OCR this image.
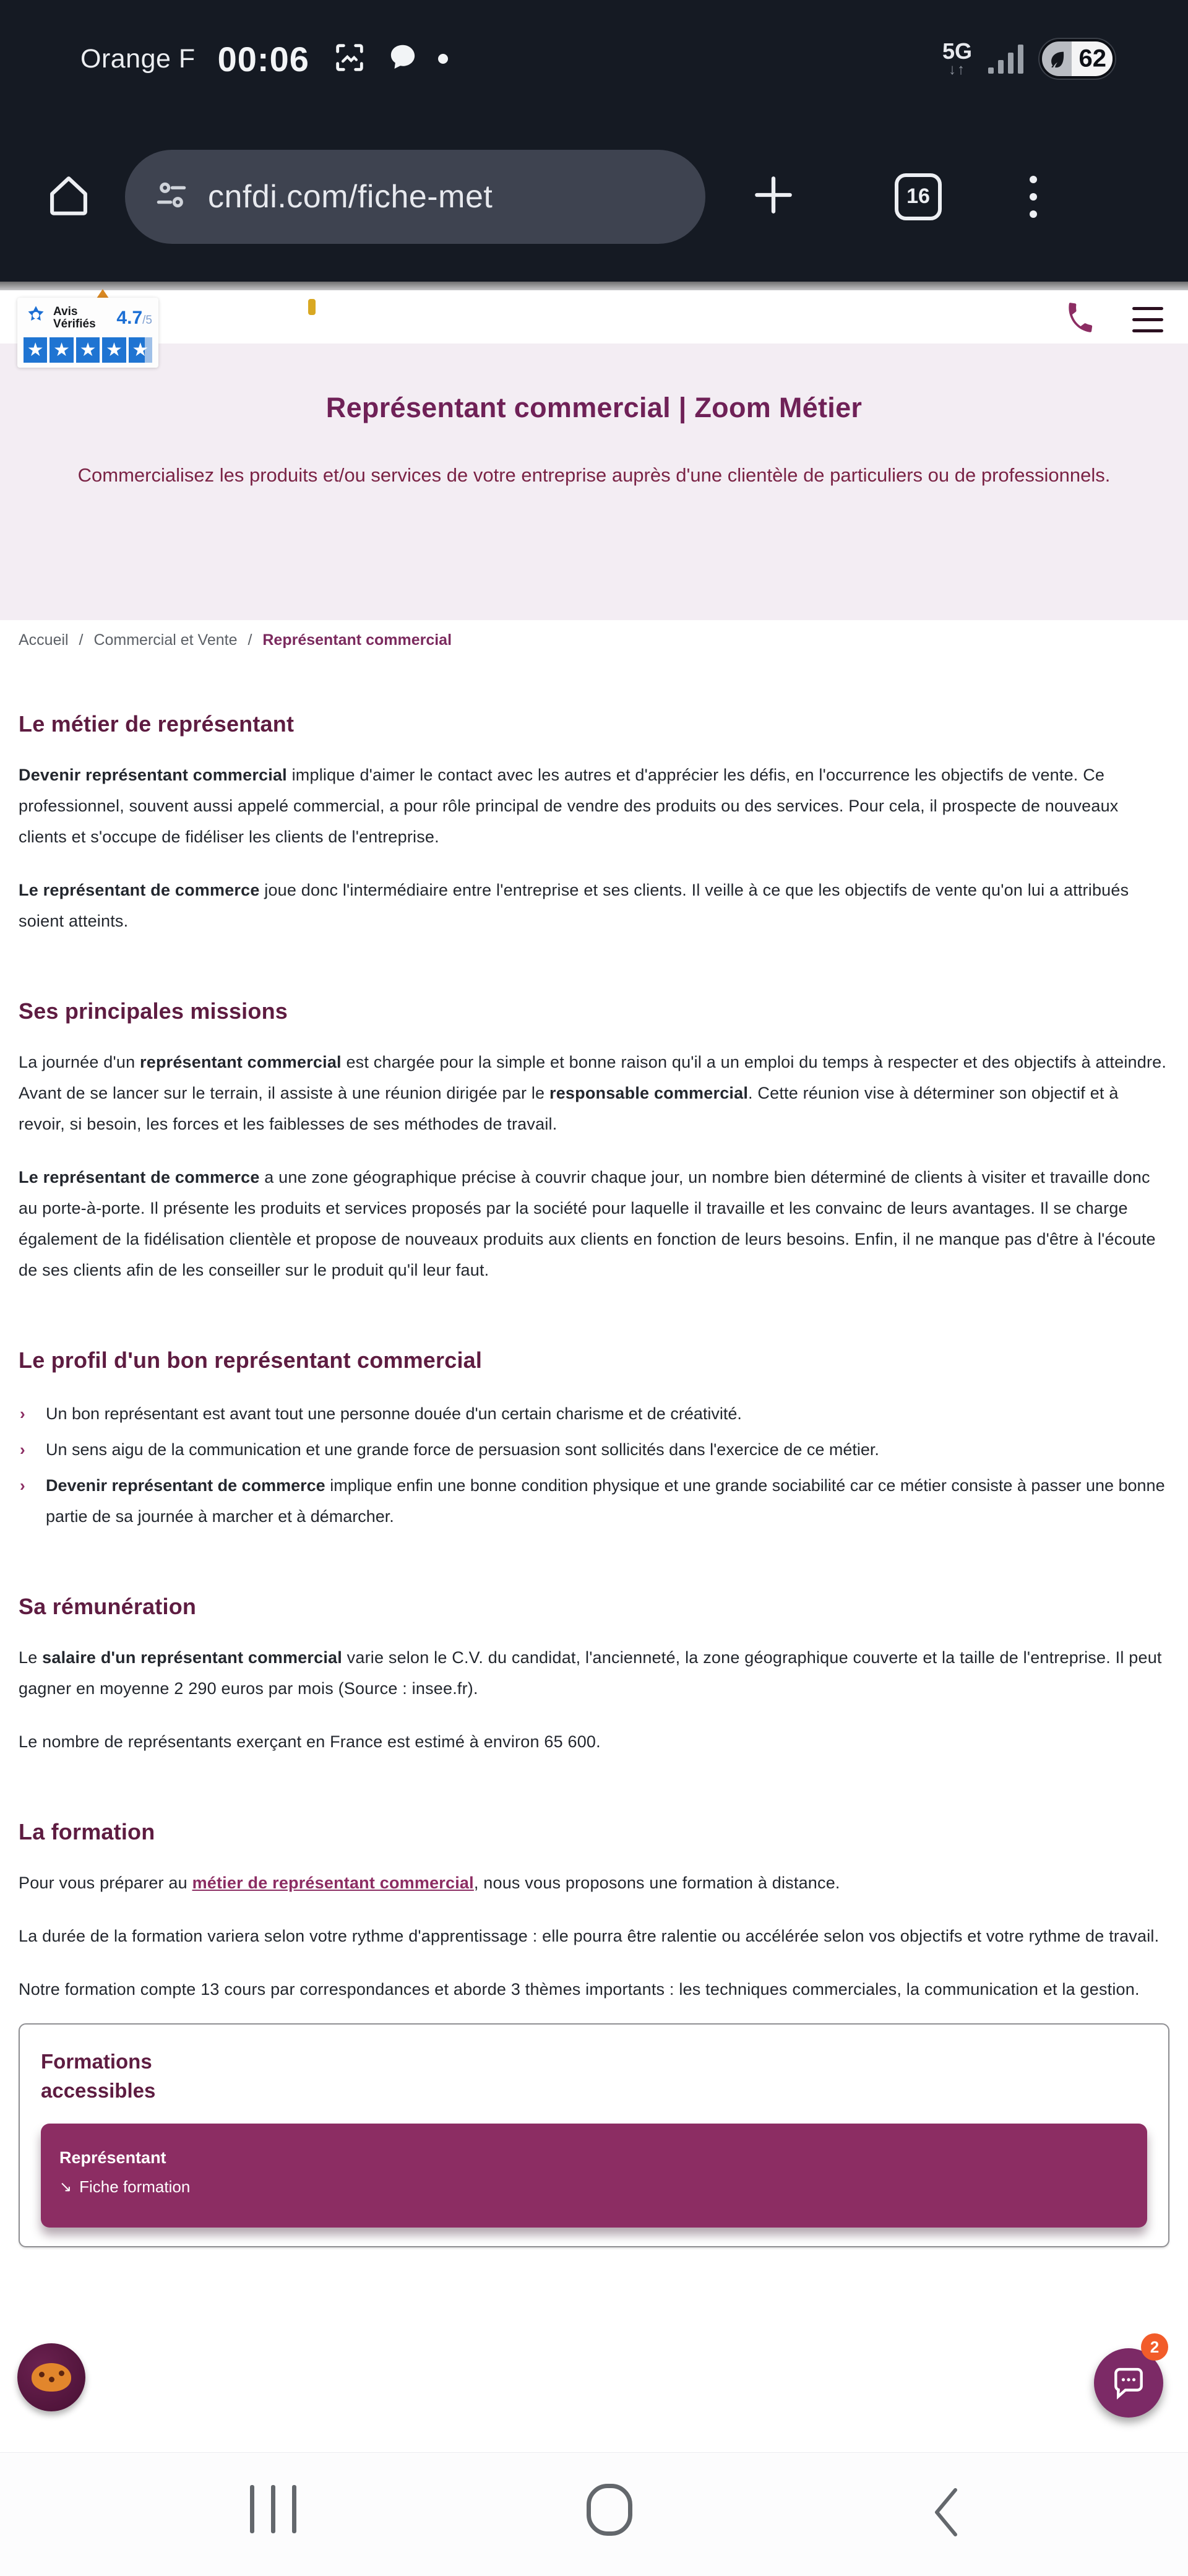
Orange F 00:06	5G
↓↑	62
cnfdi.com/fiche-met	16
Avis
Vérifiés 4.7/5
★ ★ ★ ★ ★
Représentant commercial | Zoom Métier
Commercialisez les produits et/ou services de votre entreprise auprès d'une clientèle de particuliers ou de professionnels.
Accueil / Commercial et Vente / Représentant commercial
Le métier de représentant

Devenir représentant commercial implique d'aimer le contact avec les autres et d'apprécier les défis, en l'occurrence les objectifs de vente. Ce professionnel, souvent aussi appelé commercial, a pour rôle principal de vendre des produits ou des services. Pour cela, il prospecte de nouveaux clients et s'occupe de fidéliser les clients de l'entreprise.

Le représentant de commerce joue donc l'intermédiaire entre l'entreprise et ses clients. Il veille à ce que les objectifs de vente qu'on lui a attribués soient atteints.

Ses principales missions

La journée d'un représentant commercial est chargée pour la simple et bonne raison qu'il a un emploi du temps à respecter et des objectifs à atteindre. Avant de se lancer sur le terrain, il assiste à une réunion dirigée par le responsable commercial. Cette réunion vise à déterminer son objectif et à revoir, si besoin, les forces et les faiblesses de ses méthodes de travail.

Le représentant de commerce a une zone géographique précise à couvrir chaque jour, un nombre bien déterminé de clients à visiter et travaille donc au porte-à-porte. Il présente les produits et services proposés par la société pour laquelle il travaille et les convainc de leurs avantages. Il se charge également de la fidélisation clientèle et propose de nouveaux produits aux clients en fonction de leurs besoins. Enfin, il ne manque pas d'être à l'écoute de ses clients afin de les conseiller sur le produit qu'il leur faut.

Le profil d'un bon représentant commercial
› Un bon représentant est avant tout une personne douée d'un certain charisme et de créativité.
› Un sens aigu de la communication et une grande force de persuasion sont sollicités dans l'exercice de ce métier.
› Devenir représentant de commerce implique enfin une bonne condition physique et une grande sociabilité car ce métier consiste à passer une bonne partie de sa journée à marcher et à démarcher.
Sa rémunération

Le salaire d'un représentant commercial varie selon le C.V. du candidat, l'ancienneté, la zone géographique couverte et la taille de l'entreprise. Il peut gagner en moyenne 2 290 euros par mois (Source : insee.fr).

Le nombre de représentants exerçant en France est estimé à environ 65 600.

La formation

Pour vous préparer au métier de représentant commercial, nous vous proposons une formation à distance.

La durée de la formation variera selon votre rythme d'apprentissage : elle pourra être ralentie ou accélérée selon vos objectifs et votre rythme de travail.

Notre formation compte 13 cours par correspondances et aborde 3 thèmes importants : les techniques commerciales, la communication et la gestion.

Formations accessibles
Représentant
↘ Fiche formation
2
